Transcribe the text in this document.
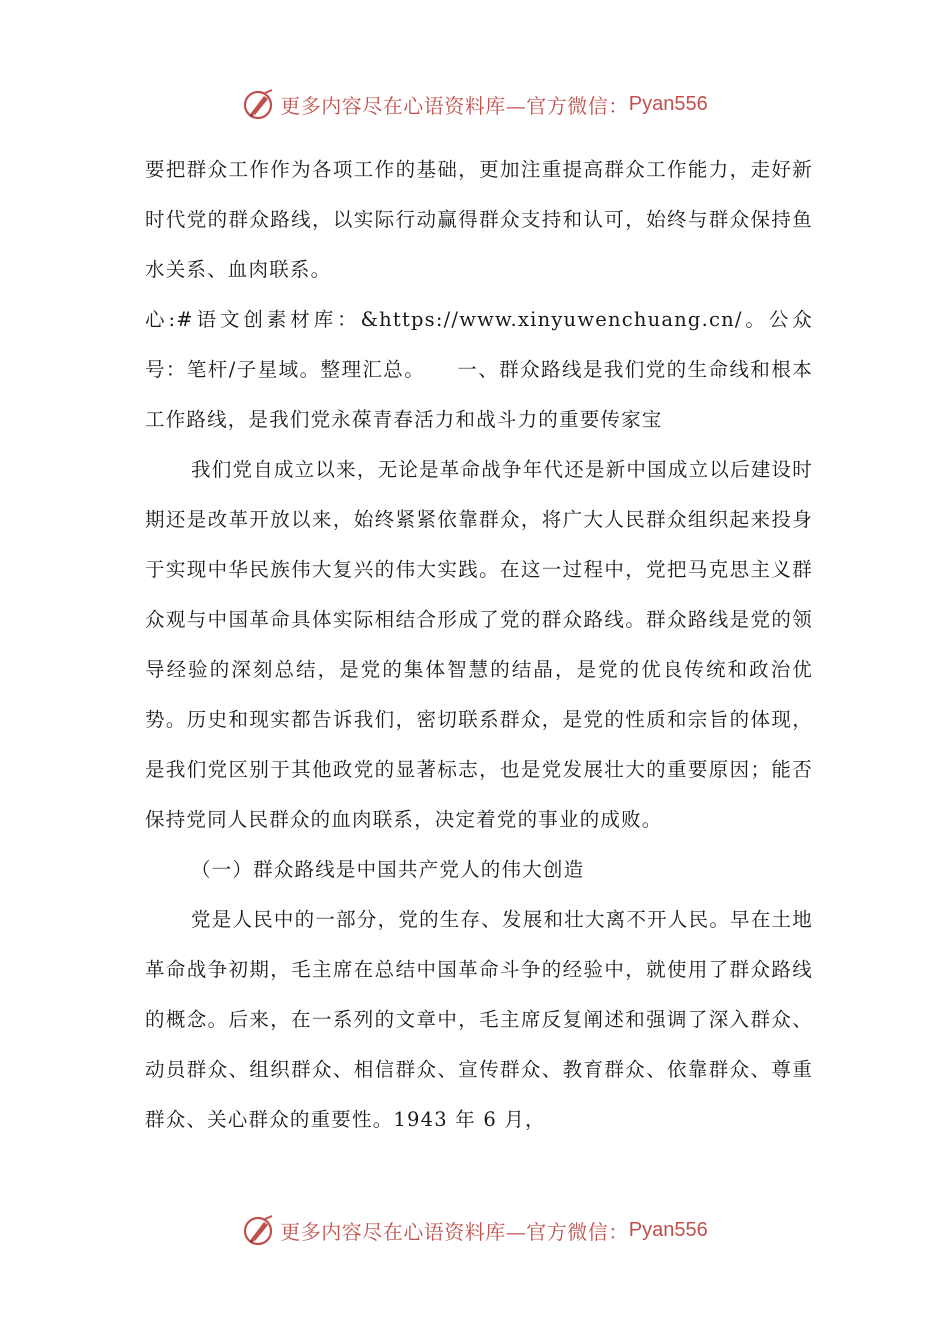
更多内容尽在心语资料库—官方微信： Pyan556

要把群众工作作为各项工作的基础，更加注重提高群众工作能力，走好新时代党的群众路线，以实际行动赢得群众支持和认可，始终与群众保持鱼水关系、血肉联系。

心:#语文创素材库：&https://www.xinyuwenchuang.cn/。公众号：笔杆/子星域。整理汇总。　　一、群众路线是我们党的生命线和根本工作路线，是我们党永葆青春活力和战斗力的重要传家宝

我们党自成立以来，无论是革命战争年代还是新中国成立以后建设时期还是改革开放以来，始终紧紧依靠群众，将广大人民群众组织起来投身于实现中华民族伟大复兴的伟大实践。在这一过程中，党把马克思主义群众观与中国革命具体实际相结合形成了党的群众路线。群众路线是党的领导经验的深刻总结，是党的集体智慧的结晶，是党的优良传统和政治优势。历史和现实都告诉我们，密切联系群众，是党的性质和宗旨的体现，是我们党区别于其他政党的显著标志，也是党发展壮大的重要原因；能否保持党同人民群众的血肉联系，决定着党的事业的成败。

（一）群众路线是中国共产党人的伟大创造

党是人民中的一部分，党的生存、发展和壮大离不开人民。早在土地革命战争初期，毛主席在总结中国革命斗争的经验中，就使用了群众路线的概念。后来，在一系列的文章中，毛主席反复阐述和强调了深入群众、动员群众、组织群众、相信群众、宣传群众、教育群众、依靠群众、尊重群众、关心群众的重要性。1943 年 6 月，

更多内容尽在心语资料库—官方微信： Pyan556
